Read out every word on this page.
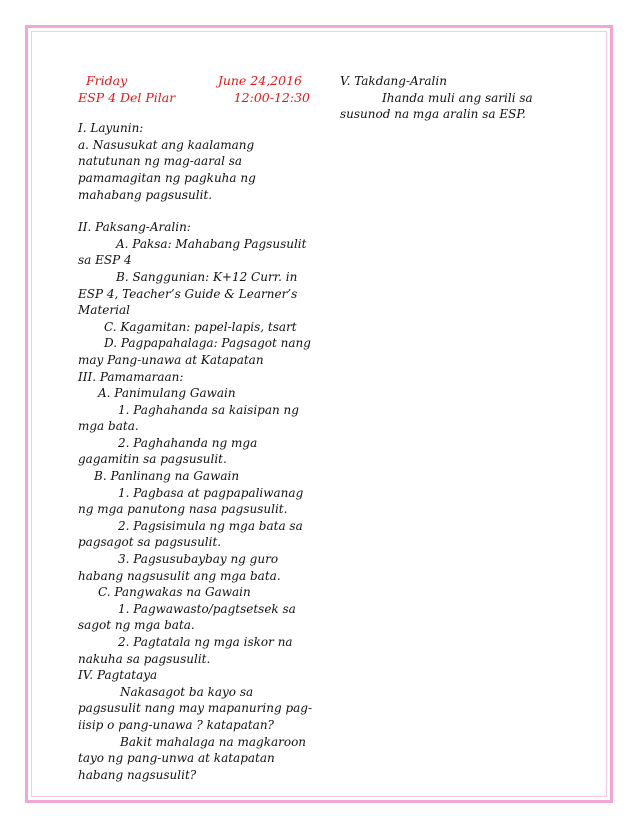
Friday	June 24,2016
ESP 4 Del Pilar	12:00-12:30

I. Layunin:

a. Nasusukat ang kaalamang natutunan ng mag-aaral sa pamamagitan ng pagkuha ng mahabang pagsusulit.

II. Paksang-Aralin:

A. Paksa: Mahabang Pagsusulit sa ESP 4

B. Sanggunian: K+12 Curr. in ESP 4, Teacher’s Guide & Learner’s Material

C. Kagamitan: papel-lapis, tsart

D. Pagpapahalaga: Pagsagot nang may Pang-unawa at Katapatan

III. Pamamaraan:

A. Panimulang Gawain

1. Paghahanda sa kaisipan ng mga bata.

2. Paghahanda ng mga gagamitin sa pagsusulit.

B. Panlinang na Gawain

1. Pagbasa at pagpapaliwanag ng mga panutong nasa pagsusulit.

2. Pagsisimula ng mga bata sa pagsagot sa pagsusulit.

3. Pagsusubaybay ng guro habang nagsusulit ang mga bata.

C. Pangwakas na Gawain

1. Pagwawasto/pagtsetsek sa sagot ng mga bata.

2. Pagtatala ng mga iskor na nakuha sa pagsusulit.

IV. Pagtataya

Nakasagot ba kayo sa pagsusulit nang may mapanuring pag-iisip o pang-unawa ? katapatan?

Bakit mahalaga na magkaroon tayo ng pang-unwa at katapatan habang nagsusulit?

V. Takdang-Aralin

Ihanda muli ang sarili sa susunod na mga aralin sa ESP.
